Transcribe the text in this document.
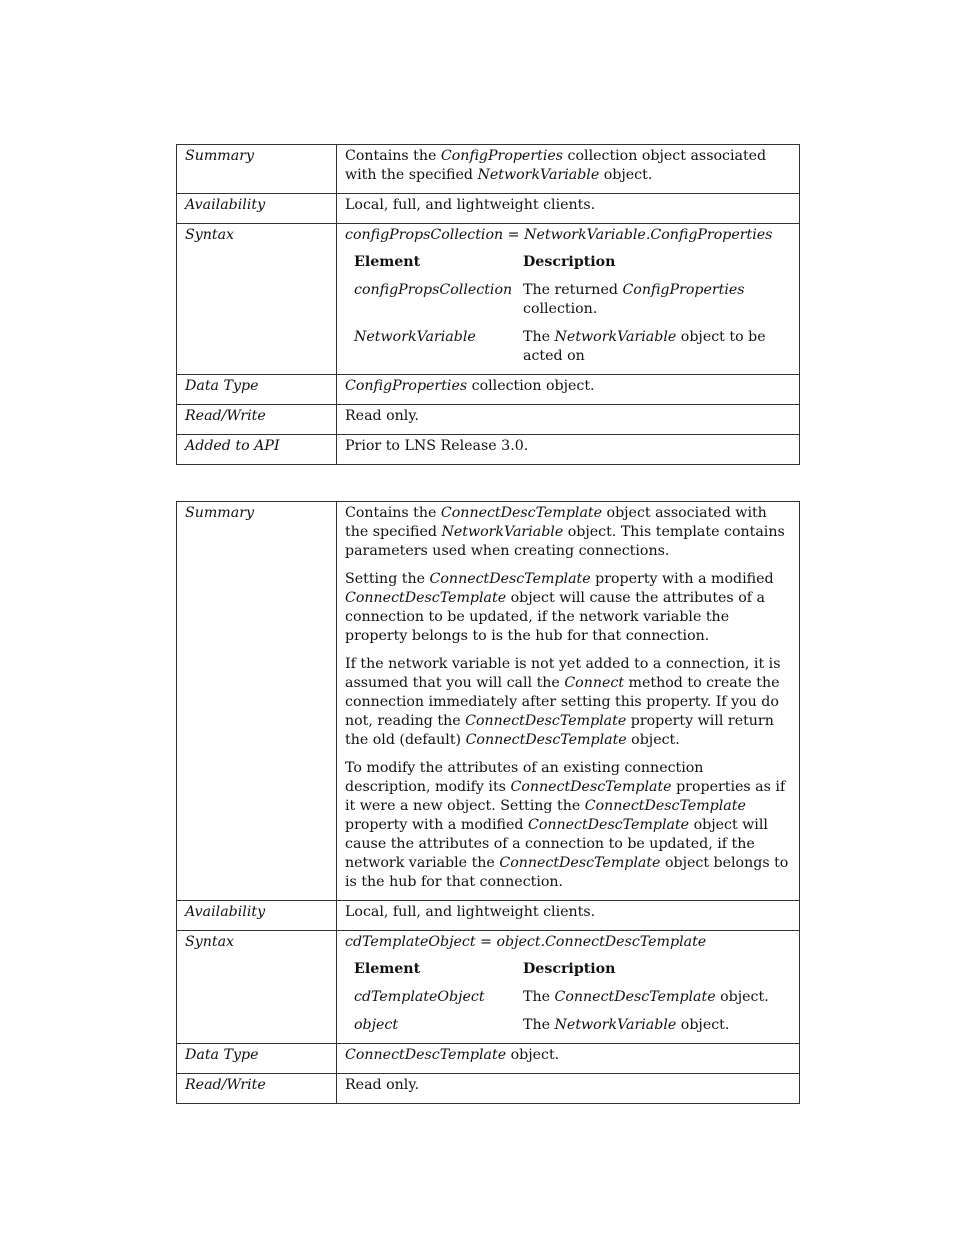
Summary	Contains the ConfigProperties collection object associated with the specified NetworkVariable object.

Availability	Local, full, and lightweight clients.
Syntax	configPropsCollection = NetworkVariable.ConfigProperties
Element	Description
configPropsCollection	The returned ConfigProperties collection.
NetworkVariable	The NetworkVariable object to be acted on

Data Type	ConfigProperties collection object.
Read/Write	Read only.
Added to API	Prior to LNS Release 3.0.
Summary	Contains the ConnectDescTemplate object associated with the specified NetworkVariable object. This template contains parameters used when creating connections.

Setting the ConnectDescTemplate property with a modified ConnectDescTemplate object will cause the attributes of a connection to be updated, if the network variable the property belongs to is the hub for that connection.

If the network variable is not yet added to a connection, it is assumed that you will call the Connect method to create the connection immediately after setting this property. If you do not, reading the ConnectDescTemplate property will return the old (default) ConnectDescTemplate object.

To modify the attributes of an existing connection description, modify its ConnectDescTemplate properties as if it were a new object. Setting the ConnectDescTemplate property with a modified ConnectDescTemplate object will cause the attributes of a connection to be updated, if the network variable the ConnectDescTemplate object belongs to is the hub for that connection.

Availability	Local, full, and lightweight clients.
Syntax	cdTemplateObject = object.ConnectDescTemplate
Element	Description
cdTemplateObject	The ConnectDescTemplate object.
object	The NetworkVariable object.

Data Type	ConnectDescTemplate object.
Read/Write	Read only.
